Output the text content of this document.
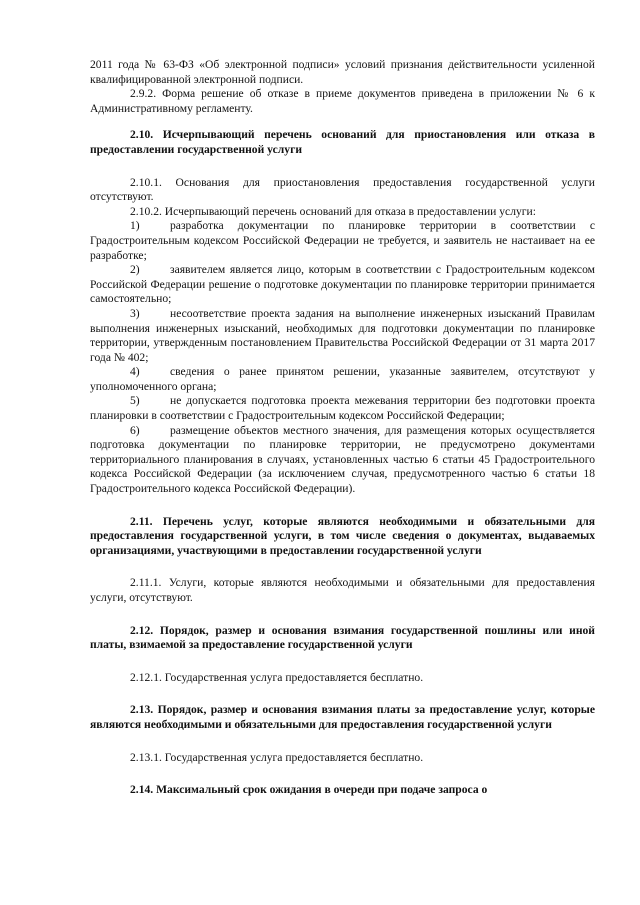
2011 года № 63-ФЗ «Об электронной подписи» условий признания действительности усиленной квалифицированной электронной подписи.

2.9.2. Форма решение об отказе в приеме документов приведена в приложении № 6 к Административному регламенту.

2.10. Исчерпывающий перечень оснований для приостановления или отказа в предоставлении государственной услуги

2.10.1. Основания для приостановления предоставления государственной услуги отсутствуют.

2.10.2. Исчерпывающий перечень оснований для отказа в предоставлении услуги:

1)	разработка документации по планировке территории в соответствии с Градостроительным кодексом Российской Федерации не требуется, и заявитель не настаивает на ее разработке;

2)	заявителем является лицо, которым в соответствии с Градостроительным кодексом Российской Федерации решение о подготовке документации по планировке территории принимается самостоятельно;

3)	несоответствие проекта задания на выполнение инженерных изысканий Правилам выполнения инженерных изысканий, необходимых для подготовки документации по планировке территории, утвержденным постановлением Правительства Российской Федерации от 31 марта 2017 года № 402;

4)	сведения о ранее принятом решении, указанные заявителем, отсутствуют у уполномоченного органа;

5)	не допускается подготовка проекта межевания территории без подготовки проекта планировки в соответствии с Градостроительным кодексом Российской Федерации;

6)	размещение объектов местного значения, для размещения которых осуществляется подготовка документации по планировке территории, не предусмотрено документами территориального планирования в случаях, установленных частью 6 статьи 45 Градостроительного кодекса Российской Федерации (за исключением случая, предусмотренного частью 6 статьи 18 Градостроительного кодекса Российской Федерации).

2.11. Перечень услуг, которые являются необходимыми и обязательными для предоставления государственной услуги, в том числе сведения о документах, выдаваемых организациями, участвующими в предоставлении государственной услуги

2.11.1. Услуги, которые являются необходимыми и обязательными для предоставления услуги, отсутствуют.

2.12. Порядок, размер и основания взимания государственной пошлины или иной платы, взимаемой за предоставление государственной услуги

2.12.1. Государственная услуга предоставляется бесплатно.

2.13. Порядок, размер и основания взимания платы за предоставление услуг, которые являются необходимыми и обязательными для предоставления государственной услуги

2.13.1. Государственная услуга предоставляется бесплатно.

2.14. Максимальный срок ожидания в очереди при подаче запроса о
